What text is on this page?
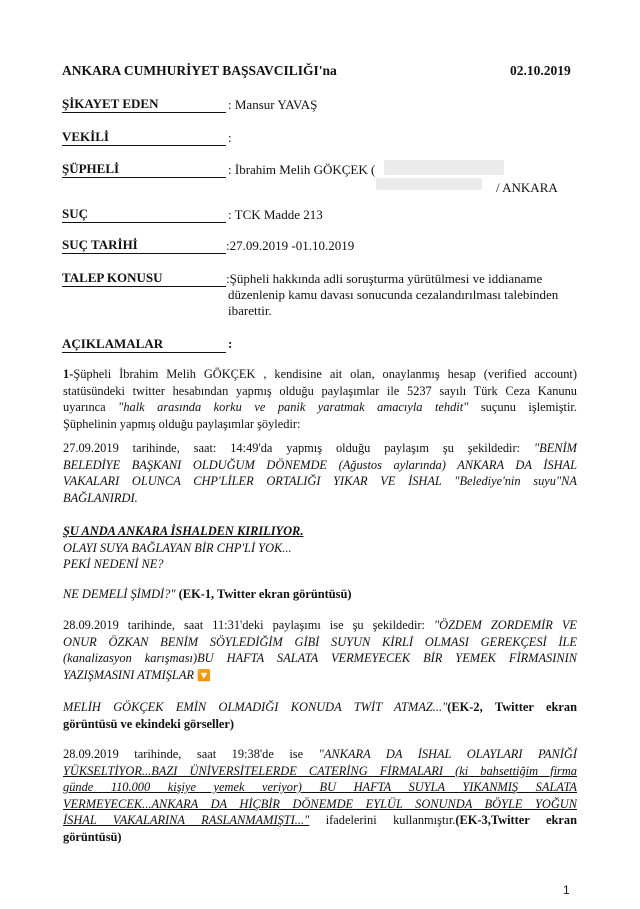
ANKARA CUMHURİYET BAŞSAVCILIĞI'na	02.10.2019
ŞİKAYET EDEN	: Mansur YAVAŞ
VEKİLİ	:
ŞÜPHELİ	: İbrahim Melih GÖKÇEK (
/ ANKARA
SUÇ	: TCK Madde 213
SUÇ TARİHİ	:27.09.2019 -01.10.2019
TALEP KONUSU	:Şüpheli hakkında adli soruşturma yürütülmesi ve iddianame
düzenlenip kamu davası sonucunda cezalandırılması talebinden
ibarettir.
AÇIKLAMALAR	:
1-Şüpheli İbrahim Melih GÖKÇEK , kendisine ait olan, onaylanmış hesap (verified account)
statüsündeki twitter hesabından yapmış olduğu paylaşımlar ile 5237 sayılı Türk Ceza Kanunu
uyarınca "halk arasında korku ve panik yaratmak amacıyla tehdit" suçunu işlemiştir.
Şüphelinin yapmış olduğu paylaşımlar şöyledir:
27.09.2019 tarihinde, saat: 14:49'da yapmış olduğu paylaşım şu şekildedir: "BENİM
BELEDİYE BAŞKANI OLDUĞUM DÖNEMDE (Ağustos aylarında) ANKARA DA İSHAL
VAKALARI OLUNCA CHP'LİLER ORTALIĞI YIKAR VE İSHAL "Belediye'nin suyu"NA
BAĞLANIRDI.
ŞU ANDA ANKARA İSHALDEN KIRILIYOR.
OLAYI SUYA BAĞLAYAN BİR CHP'Lİ YOK...
PEKİ NEDENİ NE?
NE DEMELİ ŞİMDİ?" (EK-1, Twitter ekran görüntüsü)
28.09.2019 tarihinde, saat 11:31'deki paylaşımı ise şu şekildedir: "ÖZDEM ZORDEMİR VE
ONUR ÖZKAN BENİM SÖYLEDİĞİM GİBİ SUYUN KİRLİ OLMASI GEREKÇESİ İLE
(kanalizasyon karışması)BU HAFTA SALATA VERMEYECEK BİR YEMEK FİRMASININ
YAZIŞMASINI ATMIŞLAR 🔽
MELİH GÖKÇEK EMİN OLMADIĞI KONUDA TWİT ATMAZ..."(EK-2, Twitter ekran
görüntüsü ve ekindeki görseller)
28.09.2019 tarihinde, saat 19:38'de ise "ANKARA DA İSHAL OLAYLARI PANİĞİ
YÜKSELTİYOR...BAZI ÜNİVERSİTELERDE CATERİNG FİRMALARI (ki bahsettiğim firma
günde 110.000 kişiye yemek veriyor) BU HAFTA SUYLA YIKANMIŞ SALATA
VERMEYECEK...ANKARA DA HİÇBİR DÖNEMDE EYLÜL SONUNDA BÖYLE YOĞUN
İSHAL VAKALARINA RASLANMAMIŞTI..." ifadelerini kullanmıştır.(EK-3,Twitter ekran
görüntüsü)
1
